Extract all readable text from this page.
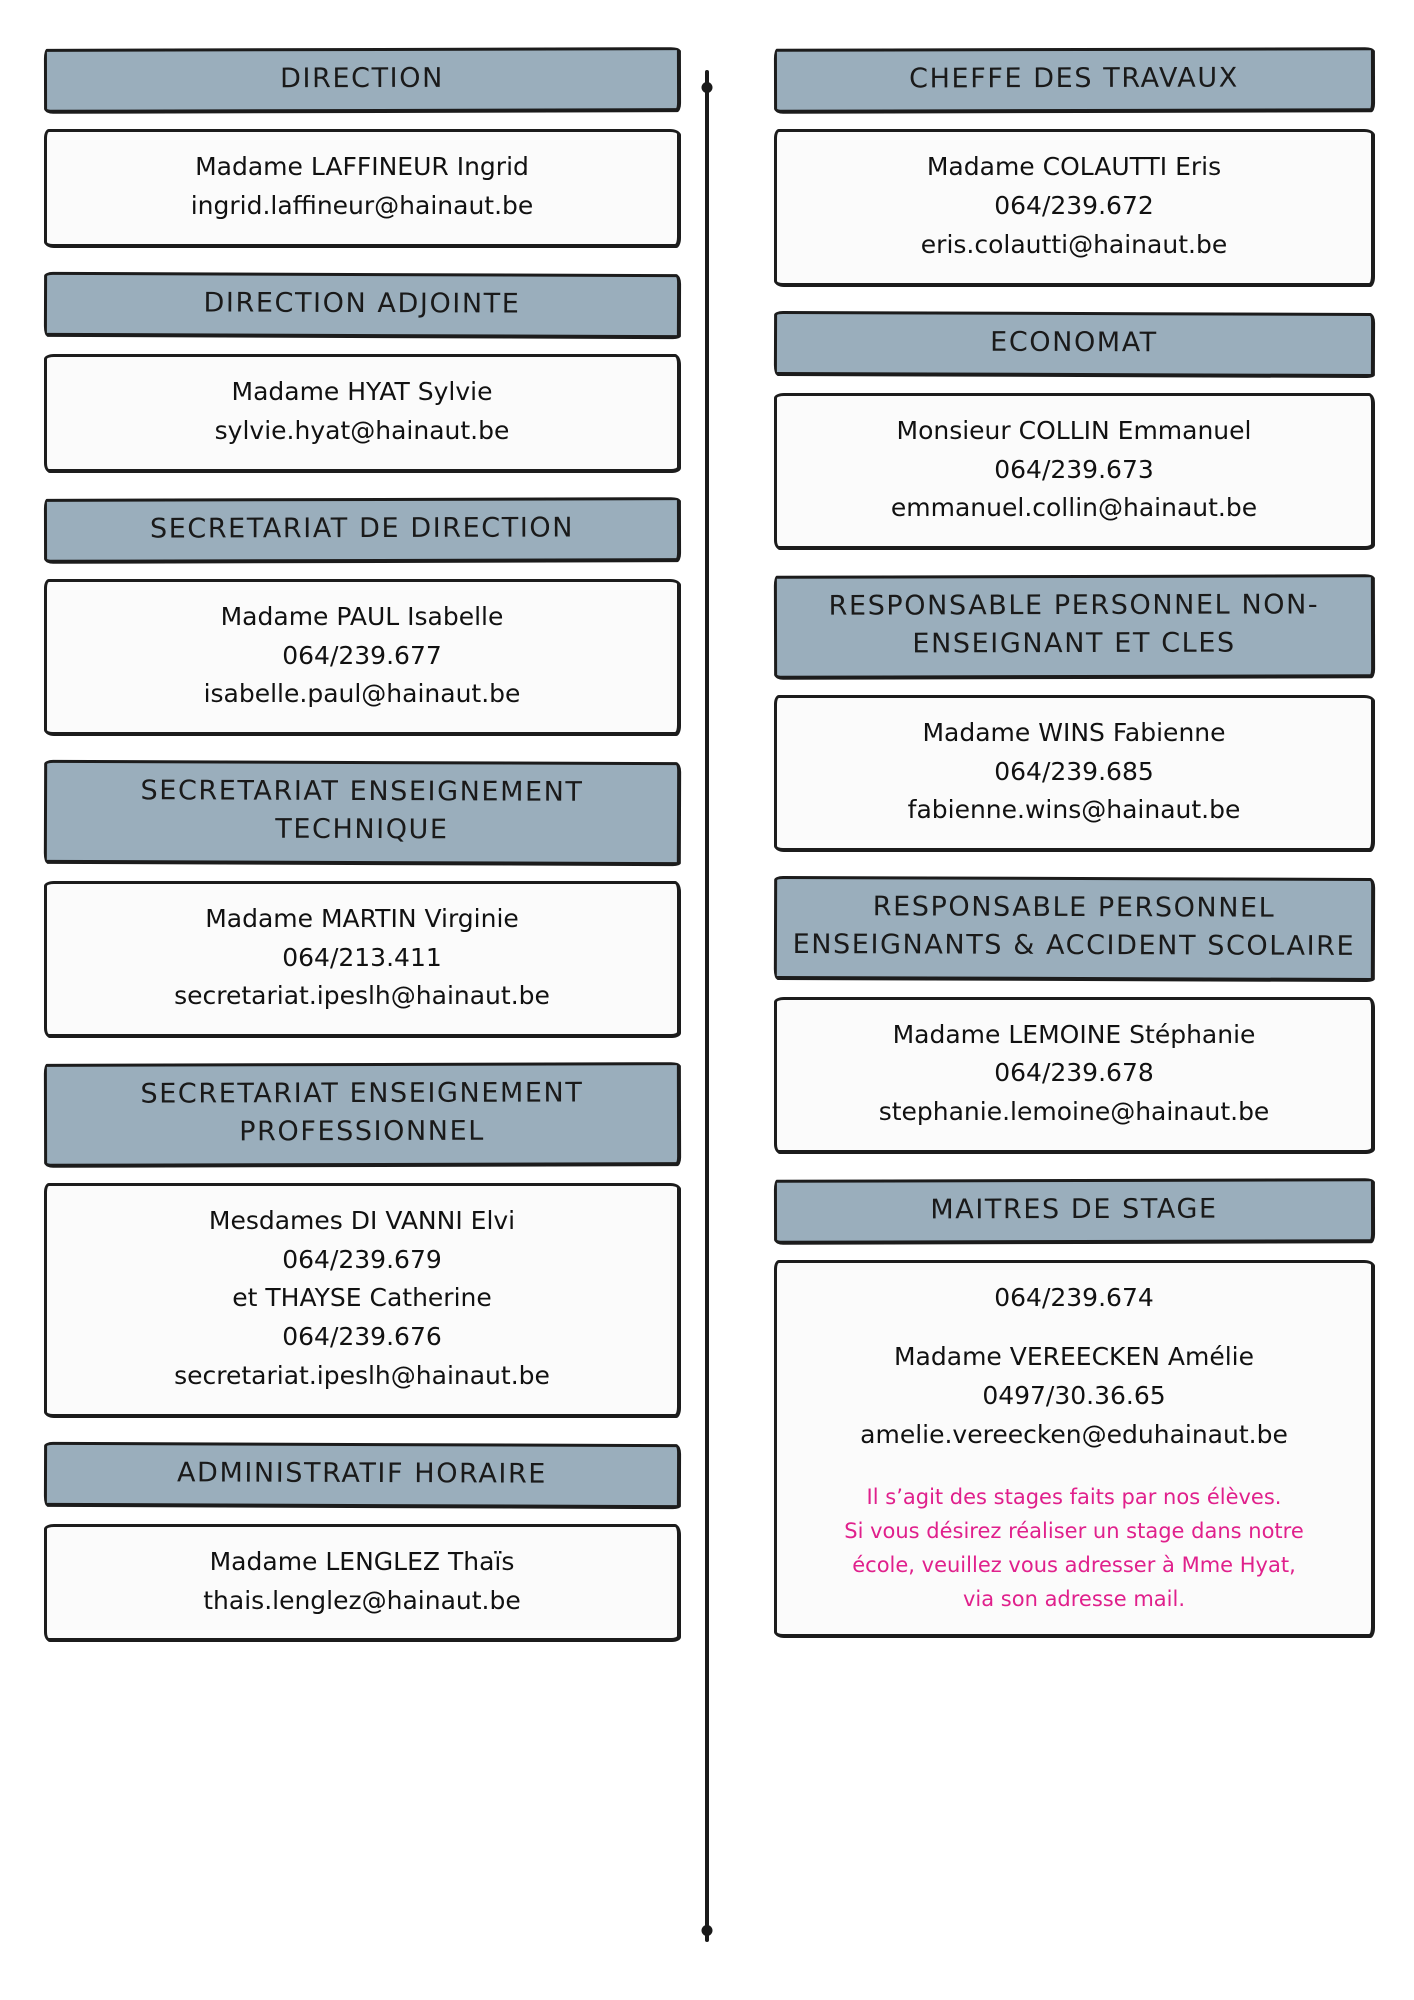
DIRECTION

Madame LAFFINEUR Ingrid

ingrid.laffineur@hainaut.be

DIRECTION ADJOINTE

Madame HYAT Sylvie

sylvie.hyat@hainaut.be

SECRETARIAT DE DIRECTION

Madame PAUL Isabelle

064/239.677

isabelle.paul@hainaut.be

SECRETARIAT ENSEIGNEMENT TECHNIQUE

Madame MARTIN Virginie

064/213.411

secretariat.ipeslh@hainaut.be

SECRETARIAT ENSEIGNEMENT PROFESSIONNEL

Mesdames DI VANNI Elvi

064/239.679

et THAYSE Catherine

064/239.676

secretariat.ipeslh@hainaut.be

ADMINISTRATIF HORAIRE

Madame LENGLEZ Thaïs

thais.lenglez@hainaut.be

CHEFFE DES TRAVAUX

Madame COLAUTTI Eris

064/239.672

eris.colautti@hainaut.be

ECONOMAT

Monsieur COLLIN Emmanuel

064/239.673

emmanuel.collin@hainaut.be

RESPONSABLE PERSONNEL NON-ENSEIGNANT ET CLES

Madame WINS Fabienne

064/239.685

fabienne.wins@hainaut.be

RESPONSABLE PERSONNEL ENSEIGNANTS & ACCIDENT SCOLAIRE

Madame LEMOINE Stéphanie

064/239.678

stephanie.lemoine@hainaut.be

MAITRES DE STAGE

064/239.674

Madame VEREECKEN Amélie

0497/30.36.65

amelie.vereecken@eduhainaut.be

Il s’agit des stages faits par nos élèves.

Si vous désirez réaliser un stage dans notre

école, veuillez vous adresser à Mme Hyat,

via son adresse mail.
